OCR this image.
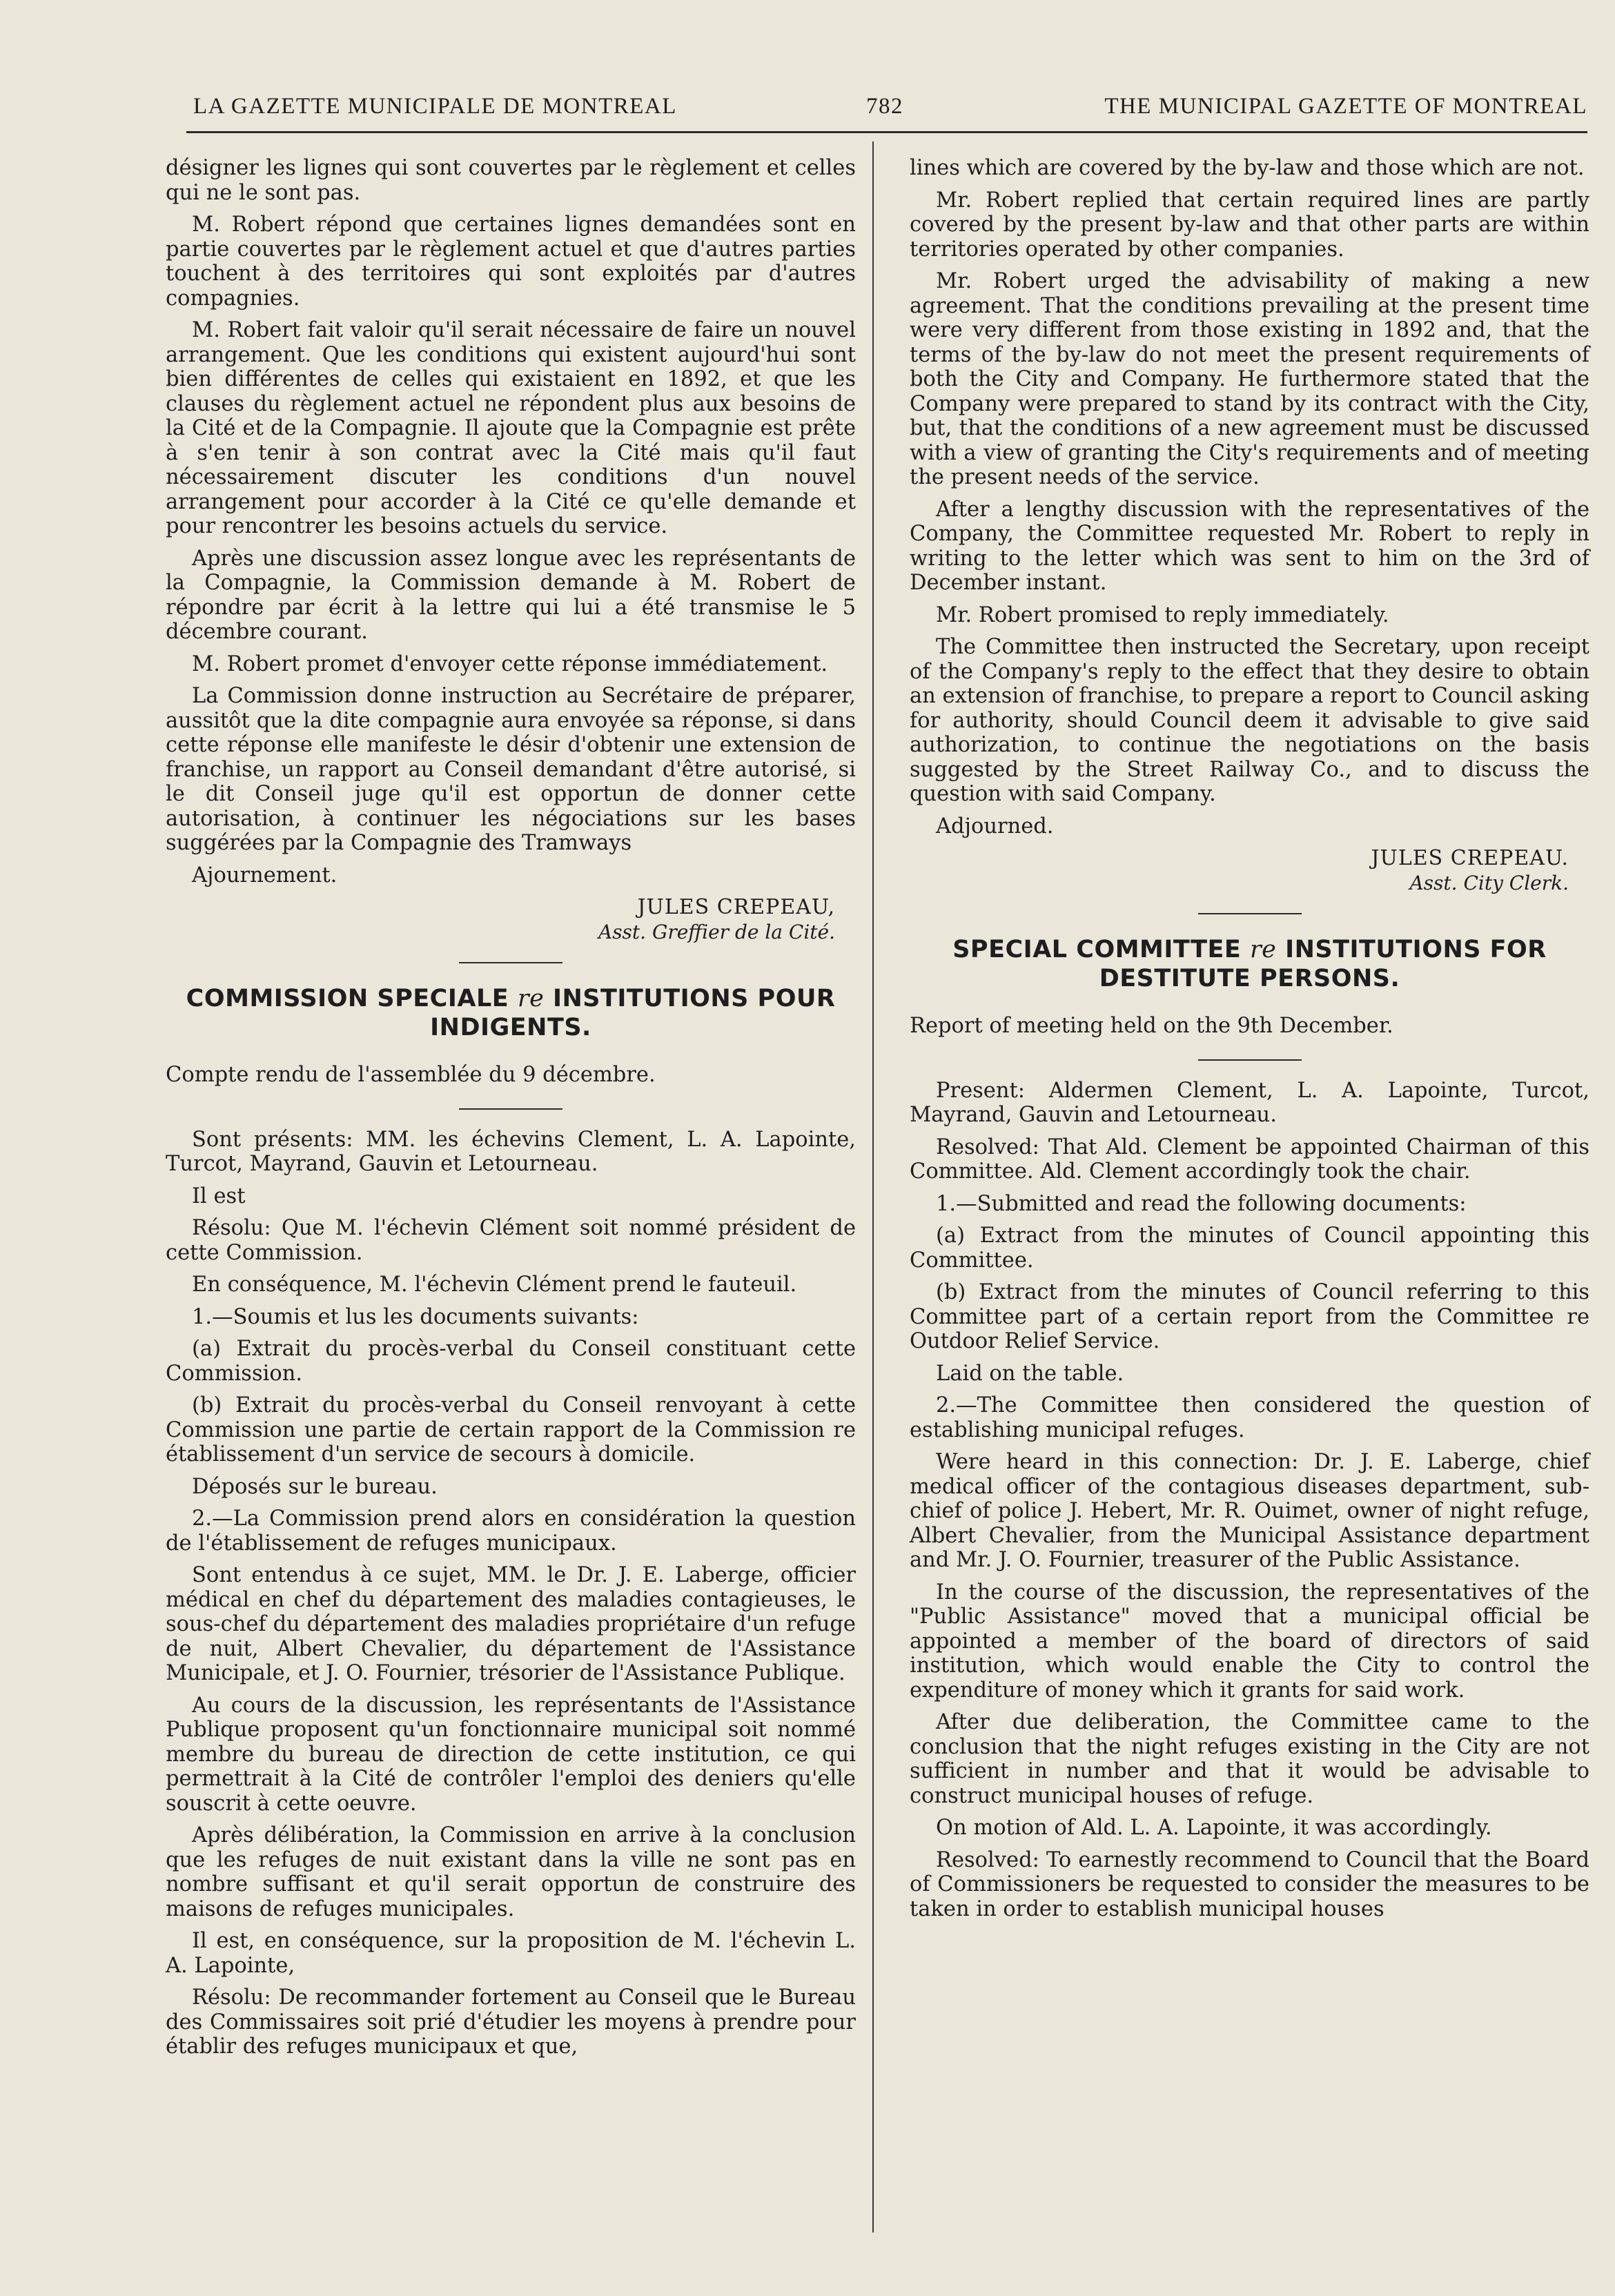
LA GAZETTE MUNICIPALE DE MONTREAL	782	THE MUNICIPAL GAZETTE OF MONTREAL

désigner les lignes qui sont couvertes par le règlement et celles qui ne le sont pas.

M. Robert répond que certaines lignes demandées sont en partie couvertes par le règlement actuel et que d'autres parties touchent à des territoires qui sont exploités par d'autres compagnies.

M. Robert fait valoir qu'il serait nécessaire de faire un nouvel arrangement. Que les conditions qui existent aujourd'hui sont bien différentes de celles qui existaient en 1892, et que les clauses du règlement actuel ne répondent plus aux besoins de la Cité et de la Compagnie. Il ajoute que la Compagnie est prête à s'en tenir à son contrat avec la Cité mais qu'il faut nécessairement discuter les conditions d'un nouvel arrangement pour accorder à la Cité ce qu'elle demande et pour rencontrer les besoins actuels du service.

Après une discussion assez longue avec les représentants de la Compagnie, la Commission demande à M. Robert de répondre par écrit à la lettre qui lui a été transmise le 5 décembre courant.

M. Robert promet d'envoyer cette réponse immédiatement.

La Commission donne instruction au Secrétaire de préparer, aussitôt que la dite compagnie aura envoyée sa réponse, si dans cette réponse elle manifeste le désir d'obtenir une extension de franchise, un rapport au Conseil demandant d'être autorisé, si le dit Conseil juge qu'il est opportun de donner cette autorisation, à continuer les négociations sur les bases suggérées par la Compagnie des Tramways

Ajournement.

JULES CREPEAU,
Asst. Greffier de la Cité.
COMMISSION SPECIALE re INSTITUTIONS POUR INDIGENTS.

Compte rendu de l'assemblée du 9 décembre.

Sont présents: MM. les échevins Clement, L. A. Lapointe, Turcot, Mayrand, Gauvin et Letourneau.

Il est

Résolu: Que M. l'échevin Clément soit nommé président de cette Commission.

En conséquence, M. l'échevin Clément prend le fauteuil.

1.—Soumis et lus les documents suivants:

(a) Extrait du procès-verbal du Conseil constituant cette Commission.

(b) Extrait du procès-verbal du Conseil renvoyant à cette Commission une partie de certain rapport de la Commission re établissement d'un service de secours à domicile.

Déposés sur le bureau.

2.—La Commission prend alors en considération la question de l'établissement de refuges municipaux.

Sont entendus à ce sujet, MM. le Dr. J. E. Laberge, officier médical en chef du département des maladies contagieuses, le sous-chef du département des maladies propriétaire d'un refuge de nuit, Albert Chevalier, du département de l'Assistance Municipale, et J. O. Fournier, trésorier de l'Assistance Publique.

Au cours de la discussion, les représentants de l'Assistance Publique proposent qu'un fonctionnaire municipal soit nommé membre du bureau de direction de cette institution, ce qui permettrait à la Cité de contrôler l'emploi des deniers qu'elle souscrit à cette oeuvre.

Après délibération, la Commission en arrive à la conclusion que les refuges de nuit existant dans la ville ne sont pas en nombre suffisant et qu'il serait opportun de construire des maisons de refuges municipales.

Il est, en conséquence, sur la proposition de M. l'échevin L. A. Lapointe,

Résolu: De recommander fortement au Conseil que le Bureau des Commissaires soit prié d'étudier les moyens à prendre pour établir des refuges municipaux et que,

lines which are covered by the by-law and those which are not.

Mr. Robert replied that certain required lines are partly covered by the present by-law and that other parts are within territories operated by other companies.

Mr. Robert urged the advisability of making a new agreement. That the conditions prevailing at the present time were very different from those existing in 1892 and, that the terms of the by-law do not meet the present requirements of both the City and Company. He furthermore stated that the Company were prepared to stand by its contract with the City, but, that the conditions of a new agreement must be discussed with a view of granting the City's requirements and of meeting the present needs of the service.

After a lengthy discussion with the representatives of the Company, the Committee requested Mr. Robert to reply in writing to the letter which was sent to him on the 3rd of December instant.

Mr. Robert promised to reply immediately.

The Committee then instructed the Secretary, upon receipt of the Company's reply to the effect that they desire to obtain an extension of franchise, to prepare a report to Council asking for authority, should Council deem it advisable to give said authorization, to continue the negotiations on the basis suggested by the Street Railway Co., and to discuss the question with said Company.

Adjourned.

JULES CREPEAU.
Asst. City Clerk.
SPECIAL COMMITTEE re INSTITUTIONS FOR DESTITUTE PERSONS.

Report of meeting held on the 9th December.

Present: Aldermen Clement, L. A. Lapointe, Turcot, Mayrand, Gauvin and Letourneau.

Resolved: That Ald. Clement be appointed Chairman of this Committee. Ald. Clement accordingly took the chair.

1.—Submitted and read the following documents:

(a) Extract from the minutes of Council appointing this Committee.

(b) Extract from the minutes of Council referring to this Committee part of a certain report from the Committee re Outdoor Relief Service.

Laid on the table.

2.—The Committee then considered the question of establishing municipal refuges.

Were heard in this connection: Dr. J. E. Laberge, chief medical officer of the contagious diseases department, sub-chief of police J. Hebert, Mr. R. Ouimet, owner of night refuge, Albert Chevalier, from the Municipal Assistance department and Mr. J. O. Fournier, treasurer of the Public Assistance.

In the course of the discussion, the representatives of the "Public Assistance" moved that a municipal official be appointed a member of the board of directors of said institution, which would enable the City to control the expenditure of money which it grants for said work.

After due deliberation, the Committee came to the conclusion that the night refuges existing in the City are not sufficient in number and that it would be advisable to construct municipal houses of refuge.

On motion of Ald. L. A. Lapointe, it was accordingly.

Resolved: To earnestly recommend to Council that the Board of Commissioners be requested to consider the measures to be taken in order to establish municipal houses
